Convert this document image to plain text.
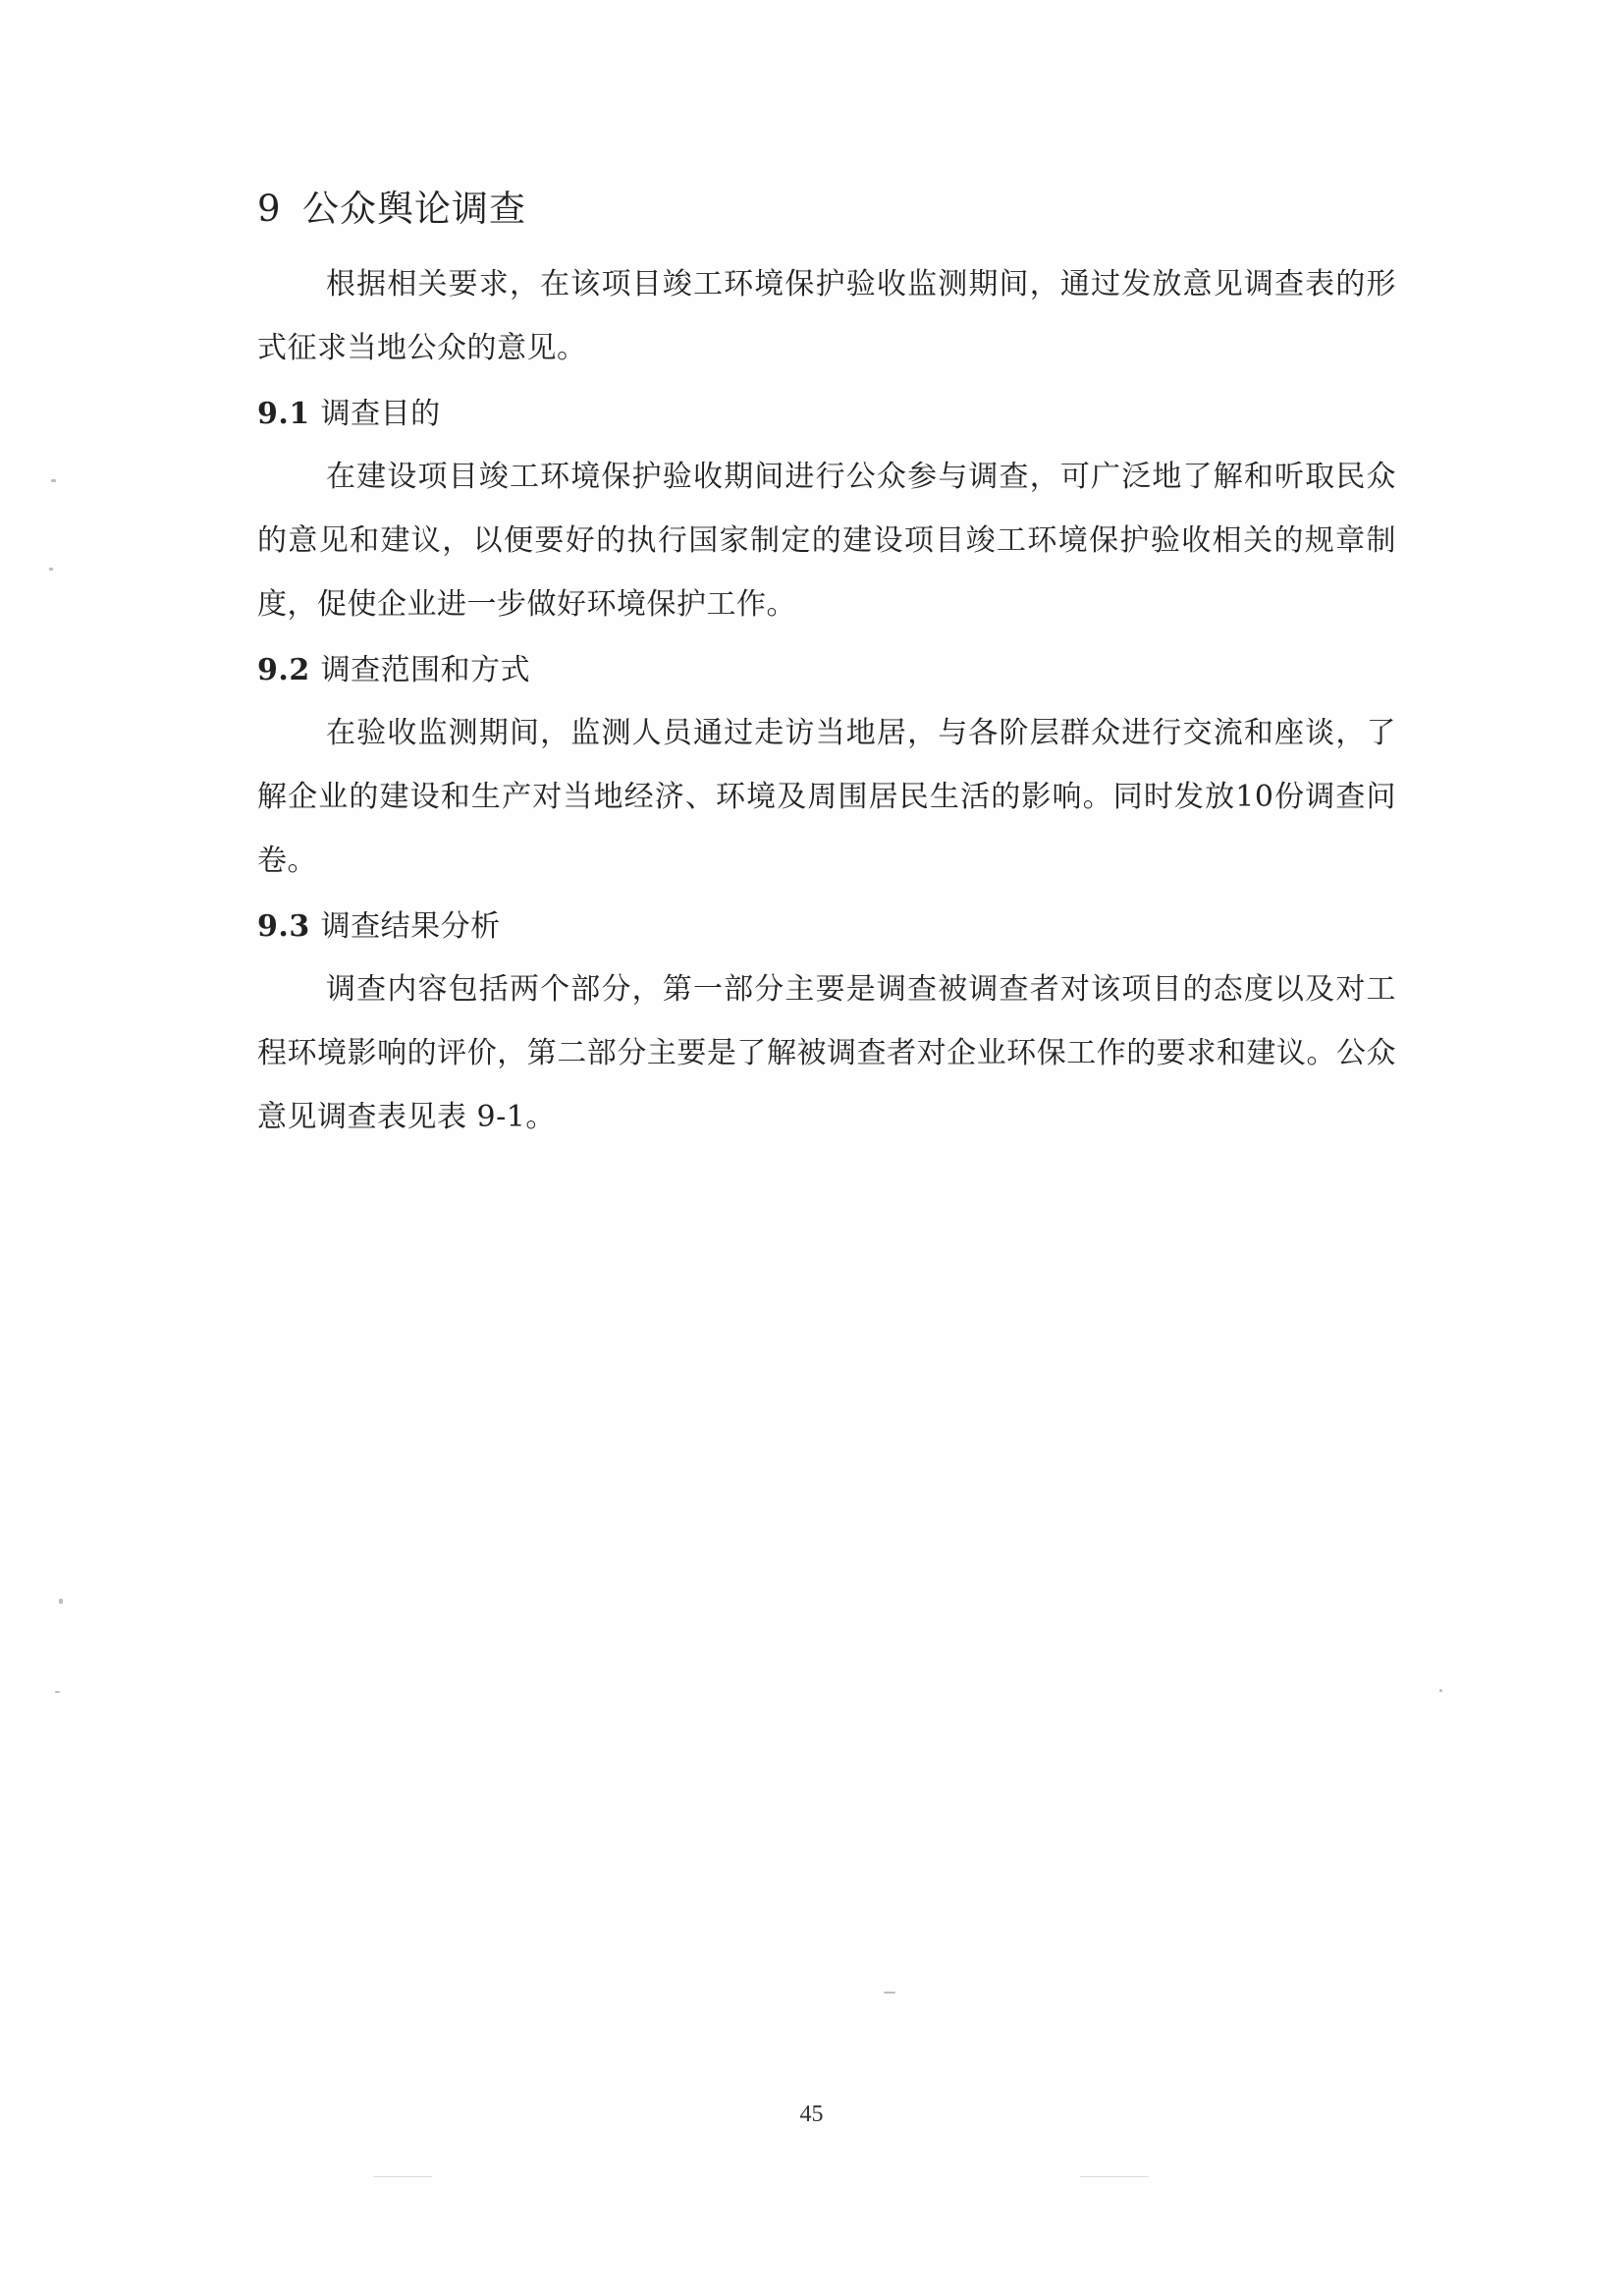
9 公众舆论调查

根据相关要求，在该项目竣工环境保护验收监测期间，通过发放意见调查表的形式征求当地公众的意见。

9.1 调查目的

在建设项目竣工环境保护验收期间进行公众参与调查，可广泛地了解和听取民众的意见和建议，以便要好的执行国家制定的建设项目竣工环境保护验收相关的规章制度，促使企业进一步做好环境保护工作。

9.2 调查范围和方式

在验收监测期间，监测人员通过走访当地居，与各阶层群众进行交流和座谈，了解企业的建设和生产对当地经济、环境及周围居民生活的影响。同时发放10份调查问卷。

9.3 调查结果分析

调查内容包括两个部分，第一部分主要是调查被调查者对该项目的态度以及对工程环境影响的评价，第二部分主要是了解被调查者对企业环保工作的要求和建议。公众意见调查表见表 9-1。

45
